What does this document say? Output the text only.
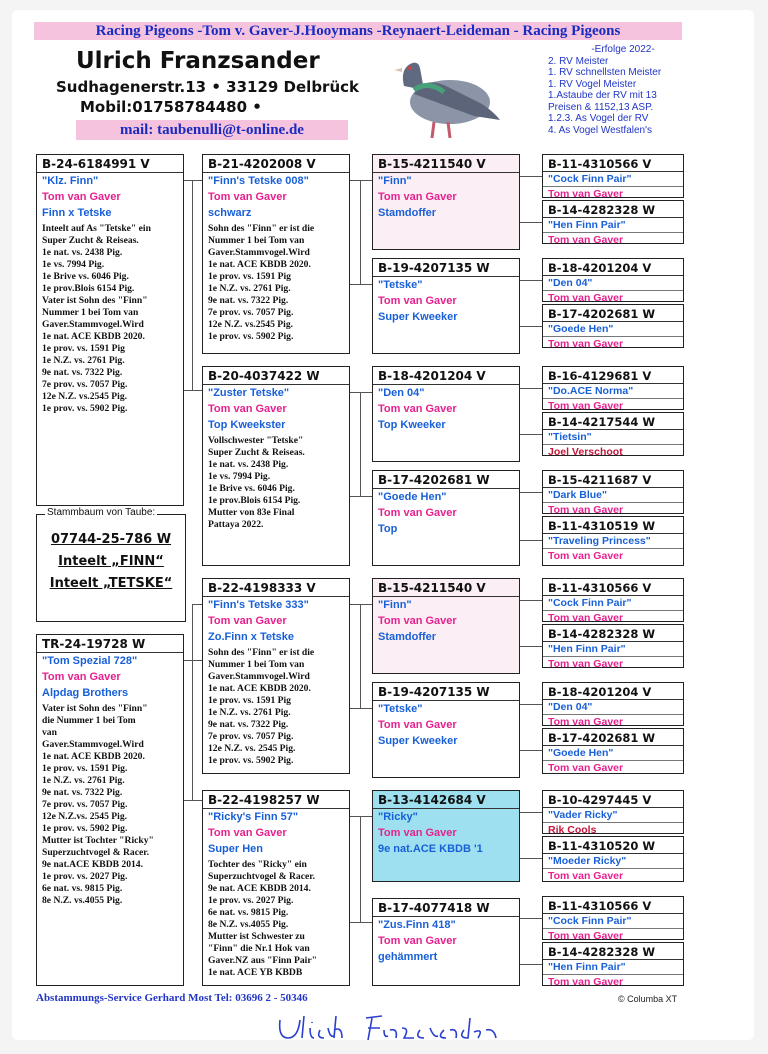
Racing Pigeons -Tom v. Gaver-J.Hooymans -Reynaert-Leideman - Racing Pigeons
Ulrich Franzsander
Sudhagenerstr.13 • 33129 Delbrück
Mobil:01758784480 •
mail: taubenulli@t-online.de
-Erfolge 2022-
2. RV Meister
1. RV schnellsten Meister
1. RV Vogel Meister
1.Astaube der RV mit 13
Preisen & 1152,13 ASP.
1.2.3. As Vogel der RV
4. As Vogel Westfalen's
B-24-6184991 V
"Klz. Finn"
Tom van Gaver
Finn x Tetske
Inteelt auf As "Tetske" ein
Super Zucht & Reiseas.
1e nat. vs. 2438 Pig.
1e vs. 7994 Pig.
1e Brive vs. 6046 Pig.
1e prov.Blois 6154 Pig.
Vater ist Sohn des "Finn"
Nummer 1 bei Tom van
Gaver.Stammvogel.Wird
1e nat. ACE KBDB 2020.
1e prov. vs. 1591 Pig
1e N.Z. vs. 2761 Pig.
9e nat. vs. 7322 Pig.
7e prov. vs. 7057 Pig.
12e N.Z. vs.2545 Pig.
1e prov. vs. 5902 Pig.
Stammbaum von Taube:
07744-25-786 W
Inteelt „FINN“
Inteelt „TETSKE“
TR-24-19728 W
"Tom Spezial 728"
Tom van Gaver
Alpdag Brothers
Vater ist Sohn des "Finn"
die Nummer 1 bei Tom
van
Gaver.Stammvogel.Wird
1e nat. ACE KBDB 2020.
1e prov. vs. 1591 Pig.
1e N.Z. vs. 2761 Pig.
9e nat. vs. 7322 Pig.
7e prov. vs. 7057 Pig.
12e N.Z.vs. 2545 Pig.
1e prov. vs. 5902 Pig.
Mutter ist Tochter "Ricky"
Superzuchtvogel & Racer.
9e nat.ACE KBDB 2014.
1e prov. vs. 2027 Pig.
6e nat. vs. 9815 Pig.
8e N.Z. vs.4055 Pig.
B-21-4202008 V
"Finn's Tetske 008"
Tom van Gaver
schwarz
Sohn des "Finn" er ist die
Nummer 1 bei Tom van
Gaver.Stammvogel.Wird
1e nat. ACE KBDB 2020.
1e prov. vs. 1591 Pig
1e N.Z. vs. 2761 Pig.
9e nat. vs. 7322 Pig.
7e prov. vs. 7057 Pig.
12e N.Z. vs.2545 Pig.
1e prov. vs. 5902 Pig.
B-20-4037422 W
"Zuster Tetske"
Tom van Gaver
Top Kweekster
Vollschwester "Tetske"
Super Zucht & Reiseas.
1e nat. vs. 2438 Pig.
1e vs. 7994 Pig.
1e Brive vs. 6046 Pig.
1e prov.Blois 6154 Pig.
Mutter von 83e Final
Pattaya 2022.
B-22-4198333 V
"Finn's Tetske 333"
Tom van Gaver
Zo.Finn x Tetske
Sohn des "Finn" er ist die
Nummer 1 bei Tom van
Gaver.Stammvogel.Wird
1e nat. ACE KBDB 2020.
1e prov. vs. 1591 Pig
1e N.Z. vs. 2761 Pig.
9e nat. vs. 7322 Pig.
7e prov. vs. 7057 Pig.
12e N.Z. vs. 2545 Pig.
1e prov. vs. 5902 Pig.
B-22-4198257 W
"Ricky's Finn 57"
Tom van Gaver
Super Hen
Tochter des "Ricky" ein
Superzuchtvogel & Racer.
9e nat. ACE KBDB 2014.
1e prov. vs. 2027 Pig.
6e nat. vs. 9815 Pig.
8e N.Z. vs.4055 Pig.
Mutter ist Schwester zu
"Finn" die Nr.1 Hok van
Gaver.NZ aus "Finn Pair"
1e nat. ACE YB KBDB
B-15-4211540 V
"Finn"
Tom van Gaver
Stamdoffer
B-19-4207135 W
"Tetske"
Tom van Gaver
Super Kweeker
B-18-4201204 V
"Den 04"
Tom van Gaver
Top Kweeker
B-17-4202681 W
"Goede Hen"
Tom van Gaver
Top
B-15-4211540 V
"Finn"
Tom van Gaver
Stamdoffer
B-19-4207135 W
"Tetske"
Tom van Gaver
Super Kweeker
B-13-4142684 V
"Ricky"
Tom van Gaver
9e nat.ACE KBDB '1
B-17-4077418 W
"Zus.Finn 418"
Tom van Gaver
gehämmert
B-11-4310566 V
"Cock Finn Pair"
Tom van Gaver
B-14-4282328 W
"Hen Finn Pair"
Tom van Gaver
B-18-4201204 V
"Den 04"
Tom van Gaver
B-17-4202681 W
"Goede Hen"
Tom van Gaver
B-16-4129681 V
"Do.ACE Norma"
Tom van Gaver
B-14-4217544 W
"Tietsin"
Joel Verschoot
B-15-4211687 V
"Dark Blue"
Tom van Gaver
B-11-4310519 W
"Traveling Princess"
Tom van Gaver
B-11-4310566 V
"Cock Finn Pair"
Tom van Gaver
B-14-4282328 W
"Hen Finn Pair"
Tom van Gaver
B-18-4201204 V
"Den 04"
Tom van Gaver
B-17-4202681 W
"Goede Hen"
Tom van Gaver
B-10-4297445 V
"Vader Ricky"
Rik Cools
B-11-4310520 W
"Moeder Ricky"
Tom van Gaver
B-11-4310566 V
"Cock Finn Pair"
Tom van Gaver
B-14-4282328 W
"Hen Finn Pair"
Tom van Gaver
Abstammungs-Service Gerhard Most Tel: 03696 2 - 50346	© Columba XT
